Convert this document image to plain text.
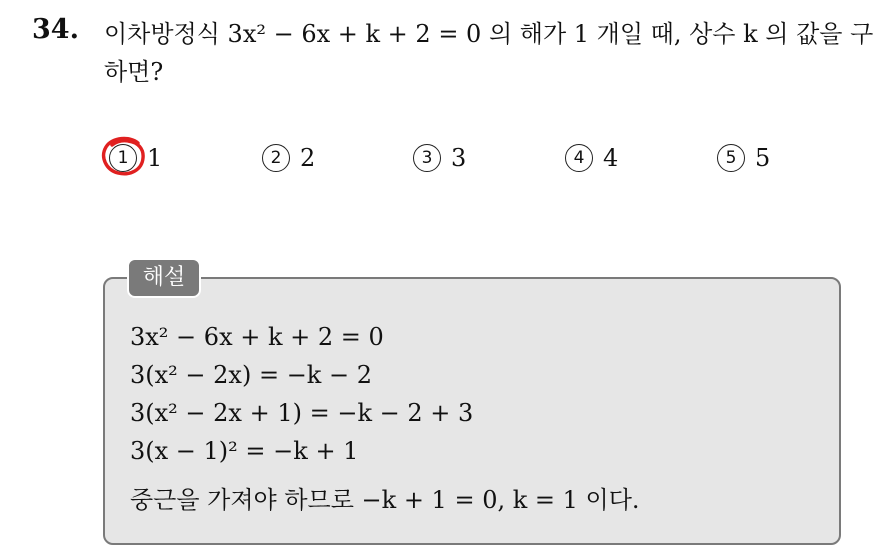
34. 이차방정식 3x² − 6x + k + 2 = 0 의 해가 1 개일 때, 상수 k 의 값을 구하면?
1 1	2 2	3 3	4 4	5 5
해설
3x² − 6x + k + 2 = 0
3(x² − 2x) = −k − 2
3(x² − 2x + 1) = −k − 2 + 3
3(x − 1)² = −k + 1
중근을 가져야 하므로 −k + 1 = 0, k = 1 이다.
